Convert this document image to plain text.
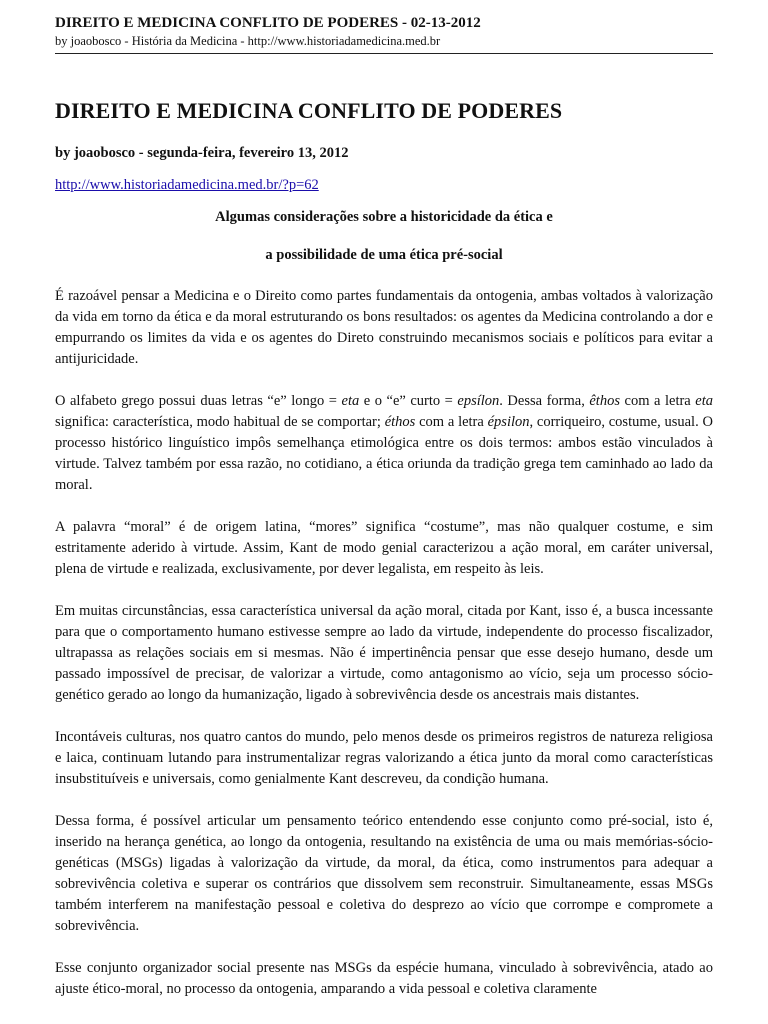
DIREITO E MEDICINA CONFLITO DE PODERES - 02-13-2012
by joaobosco - História da Medicina - http://www.historiadamedicina.med.br
DIREITO E MEDICINA CONFLITO DE PODERES
by joaobosco - segunda-feira, fevereiro 13, 2012
http://www.historiadamedicina.med.br/?p=62
Algumas considerações sobre a historicidade da ética e
a possibilidade de uma ética pré-social

É razoável pensar a Medicina e o Direito como partes fundamentais da ontogenia, ambas voltados à valorização da vida em torno da ética e da moral estruturando os bons resultados: os agentes da Medicina controlando a dor e empurrando os limites da vida e os agentes do Direto construindo mecanismos sociais e políticos para evitar a antijuricidade.

O alfabeto grego possui duas letras “e” longo = eta e o “e” curto = epsílon. Dessa forma, êthos com a letra eta significa: característica, modo habitual de se comportar; éthos com a letra épsilon, corriqueiro, costume, usual. O processo histórico linguístico impôs semelhança etimológica entre os dois termos: ambos estão vinculados à virtude. Talvez também por essa razão, no cotidiano, a ética oriunda da tradição grega tem caminhado ao lado da moral.

A palavra “moral” é de origem latina, “mores” significa “costume”, mas não qualquer costume, e sim estritamente aderido à virtude. Assim, Kant de modo genial caracterizou a ação moral, em caráter universal, plena de virtude e realizada, exclusivamente, por dever legalista, em respeito às leis.

Em muitas circunstâncias, essa característica universal da ação moral, citada por Kant, isso é, a busca incessante para que o comportamento humano estivesse sempre ao lado da virtude, independente do processo fiscalizador, ultrapassa as relações sociais em si mesmas. Não é impertinência pensar que esse desejo humano, desde um passado impossível de precisar, de valorizar a virtude, como antagonismo ao vício, seja um processo sócio-genético gerado ao longo da humanização, ligado à sobrevivência desde os ancestrais mais distantes.

Incontáveis culturas, nos quatro cantos do mundo, pelo menos desde os primeiros registros de natureza religiosa e laica, continuam lutando para instrumentalizar regras valorizando a ética junto da moral como características insubstituíveis e universais, como genialmente Kant descreveu, da condição humana.

Dessa forma, é possível articular um pensamento teórico entendendo esse conjunto como pré-social, isto é, inserido na herança genética, ao longo da ontogenia, resultando na existência de uma ou mais memórias-sócio-genéticas (MSGs) ligadas à valorização da virtude, da moral, da ética, como instrumentos para adequar a sobrevivência coletiva e superar os contrários que dissolvem sem reconstruir. Simultaneamente, essas MSGs também interferem na manifestação pessoal e coletiva do desprezo ao vício que corrompe e compromete a sobrevivência.

Esse conjunto organizador social presente nas MSGs da espécie humana, vinculado à sobrevivência, atado ao ajuste ético-moral, no processo da ontogenia, amparando a vida pessoal e coletiva claramente
